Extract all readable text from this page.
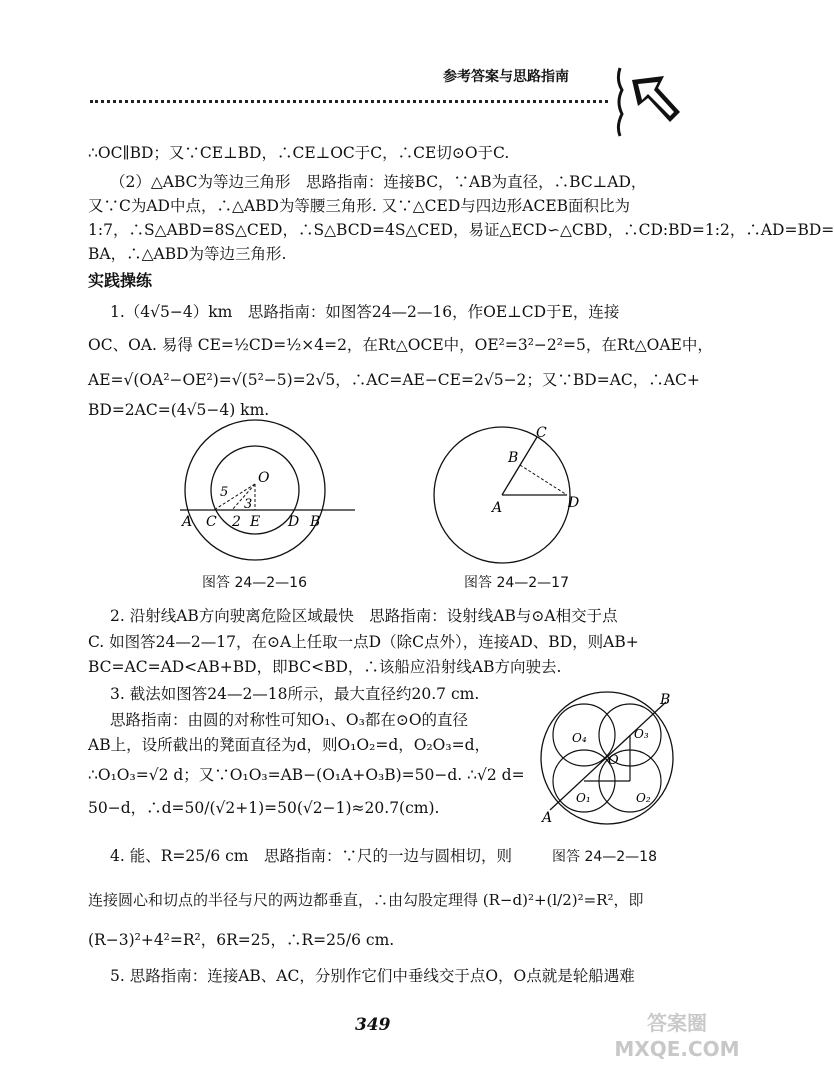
参考答案与思路指南
∴OC∥BD；又∵CE⊥BD，∴CE⊥OC于C，∴CE切⊙O于C.
（2）△ABC为等边三角形　思路指南：连接BC，∵AB为直径，∴BC⊥AD，
又∵C为AD中点，∴△ABD为等腰三角形. 又∵△CED与四边形ACEB面积比为
1:7，∴S△ABD=8S△CED，∴S△BCD=4S△CED，易证△ECD∽△CBD，∴CD:BD=1:2，∴AD=BD=
BA，∴△ABD为等边三角形.
实践操练
1.（4√5−4）km　思路指南：如图答24—2—16，作OE⊥CD于E，连接
OC、OA. 易得 CE=½CD=½×4=2，在Rt△OCE中，OE²=3²−2²=5，在Rt△OAE中，
AE=√(OA²−OE²)=√(5²−5)=2√5，∴AC=AE−CE=2√5−2；又∵BD=AC，∴AC+
BD=2AC=(4√5−4) km.
O
5
3
A C 2 E D B
图答 24—2—16
C
B
A	D
图答 24—2—17
2. 沿射线AB方向驶离危险区域最快　思路指南：设射线AB与⊙A相交于点
C. 如图答24—2—17，在⊙A上任取一点D（除C点外），连接AD、BD，则AB+
BC=AC=AD<AB+BD，即BC<BD，∴该船应沿射线AB方向驶去.
3. 截法如图答24—2—18所示，最大直径约20.7 cm.
思路指南：由圆的对称性可知O₁、O₃都在⊙O的直径
AB上，设所截出的凳面直径为d，则O₁O₂=d，O₂O₃=d，
∴O₁O₃=√2 d；又∵O₁O₃=AB−(O₁A+O₃B)=50−d. ∴√2 d=
50−d，∴d=50/(√2+1)=50(√2−1)≈20.7(cm).
B
O₄	O₃
O
O₁	O₂
A
图答 24—2—18
4. 能、R=25/6 cm　思路指南：∵尺的一边与圆相切，则
连接圆心和切点的半径与尺的两边都垂直，∴由勾股定理得 (R−d)²+(l/2)²=R²，即
(R−3)²+4²=R²，6R=25，∴R=25/6 cm.
5. 思路指南：连接AB、AC，分别作它们中垂线交于点O，O点就是轮船遇难
349	答案圈 MXQE.COM
